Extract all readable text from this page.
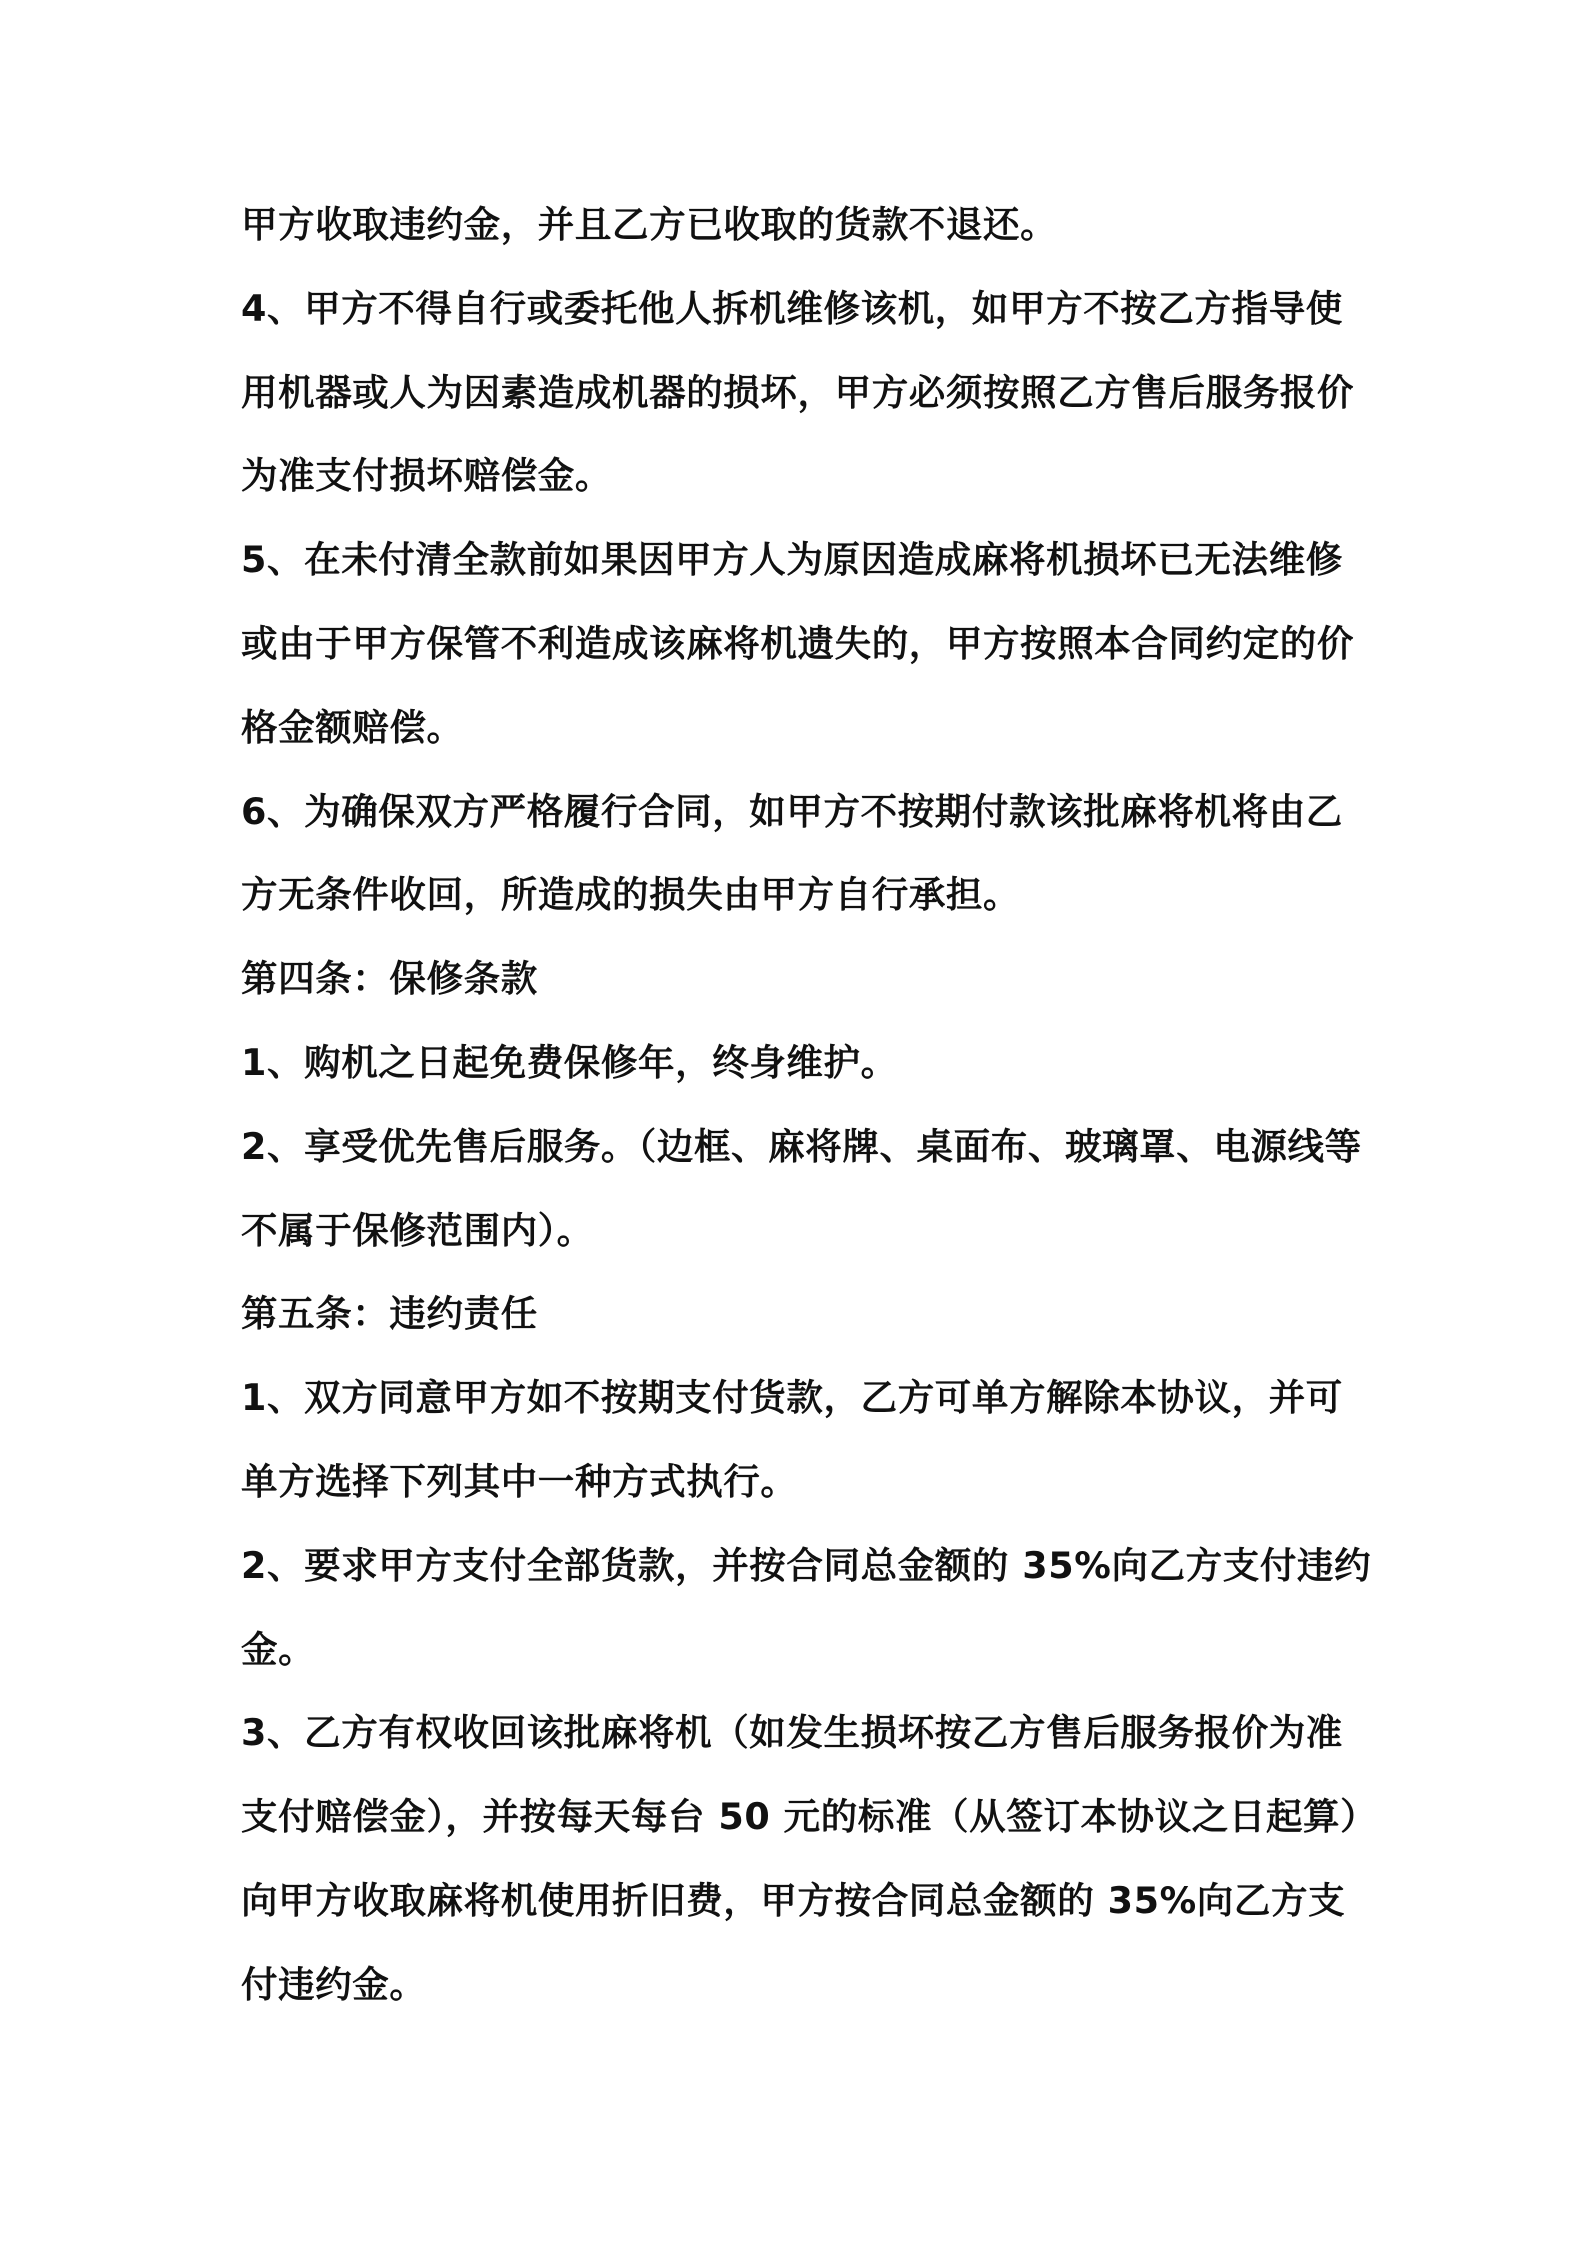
甲方收取违约金，并且乙方已收取的货款不退还。
4、甲方不得自行或委托他人拆机维修该机，如甲方不按乙方指导使
用机器或人为因素造成机器的损坏，甲方必须按照乙方售后服务报价
为准支付损坏赔偿金。
5、在未付清全款前如果因甲方人为原因造成麻将机损坏已无法维修
或由于甲方保管不利造成该麻将机遗失的，甲方按照本合同约定的价
格金额赔偿。
6、为确保双方严格履行合同，如甲方不按期付款该批麻将机将由乙
方无条件收回，所造成的损失由甲方自行承担。
第四条：保修条款
1、购机之日起免费保修年，终身维护。
2、享受优先售后服务。（边框、麻将牌、桌面布、玻璃罩、电源线等
不属于保修范围内）。
第五条：违约责任
1、双方同意甲方如不按期支付货款，乙方可单方解除本协议，并可
单方选择下列其中一种方式执行。
2、要求甲方支付全部货款，并按合同总金额的 35%向乙方支付违约
金。
3、乙方有权收回该批麻将机（如发生损坏按乙方售后服务报价为准
支付赔偿金），并按每天每台 50 元的标准（从签订本协议之日起算）
向甲方收取麻将机使用折旧费，甲方按合同总金额的 35%向乙方支
付违约金。
